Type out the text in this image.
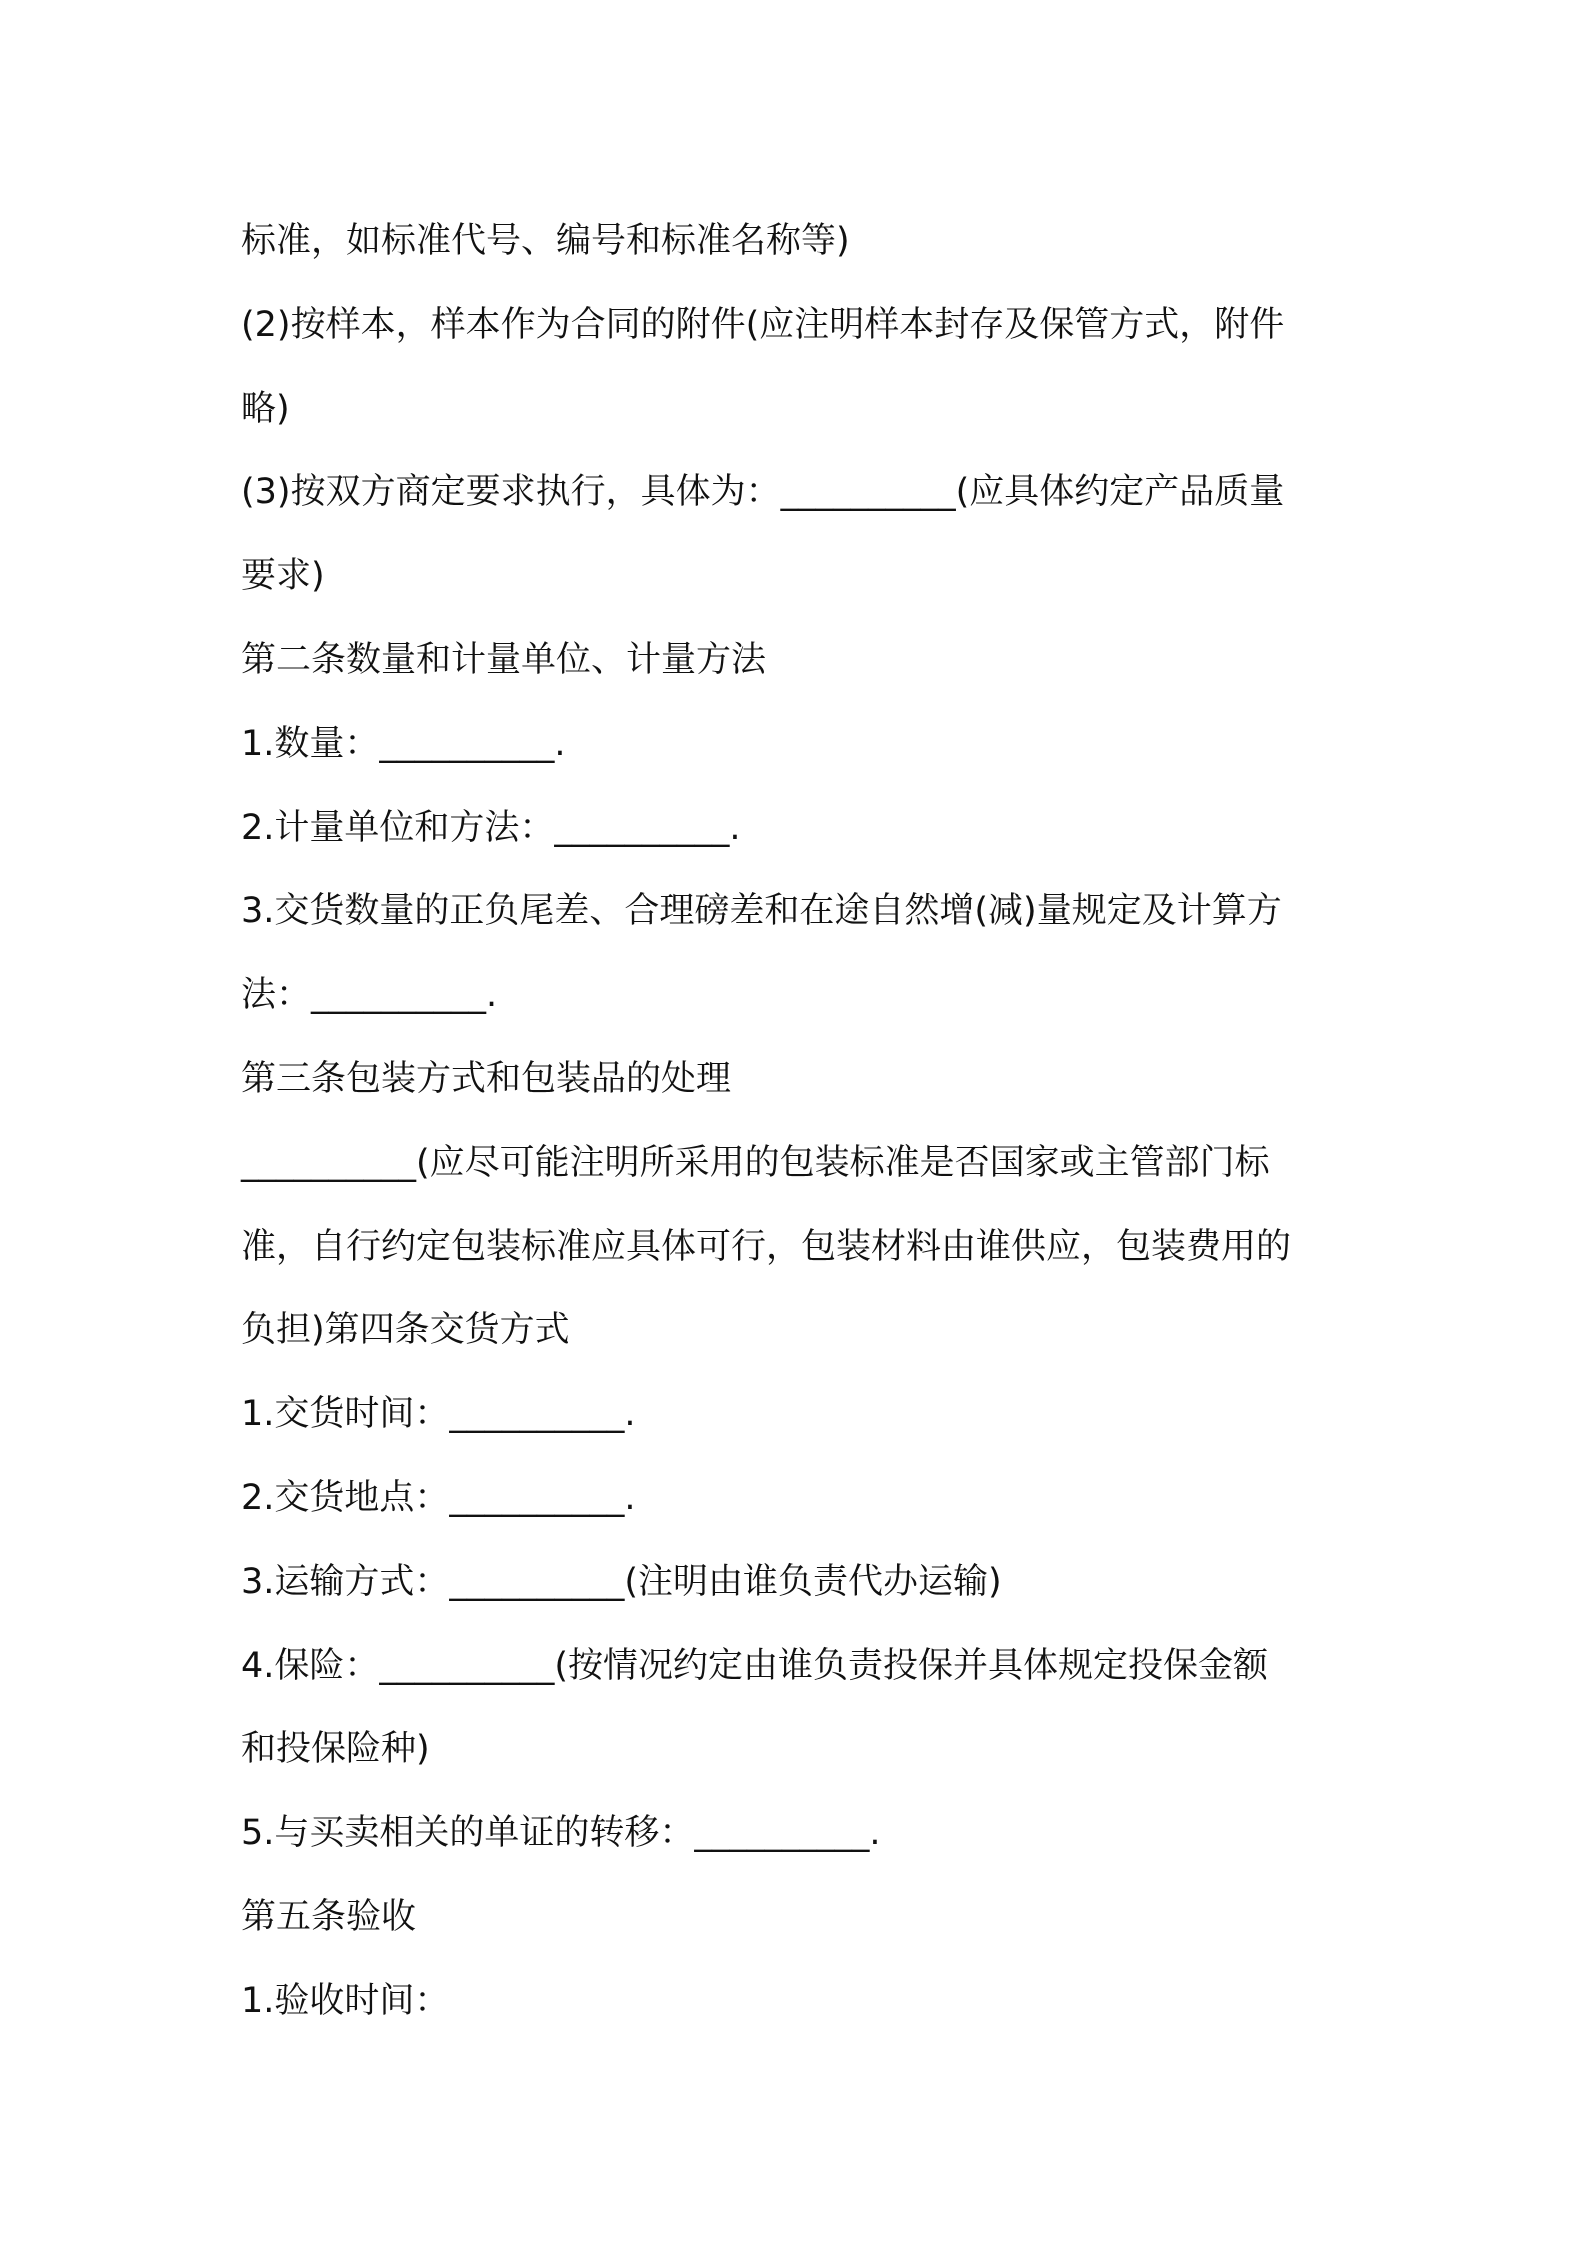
标准，如标准代号、编号和标准名称等)
(2)按样本，样本作为合同的附件(应注明样本封存及保管方式，附件
略)
(3)按双方商定要求执行，具体为：__________(应具体约定产品质量
要求)
第二条数量和计量单位、计量方法
1.数量：__________.
2.计量单位和方法：__________.
3.交货数量的正负尾差、合理磅差和在途自然增(减)量规定及计算方
法：__________.
第三条包装方式和包装品的处理
__________(应尽可能注明所采用的包装标准是否国家或主管部门标
准，自行约定包装标准应具体可行，包装材料由谁供应，包装费用的
负担)第四条交货方式
1.交货时间：__________.
2.交货地点：__________.
3.运输方式：__________(注明由谁负责代办运输)
4.保险：__________(按情况约定由谁负责投保并具体规定投保金额
和投保险种)
5.与买卖相关的单证的转移：__________.
第五条验收
1.验收时间：
